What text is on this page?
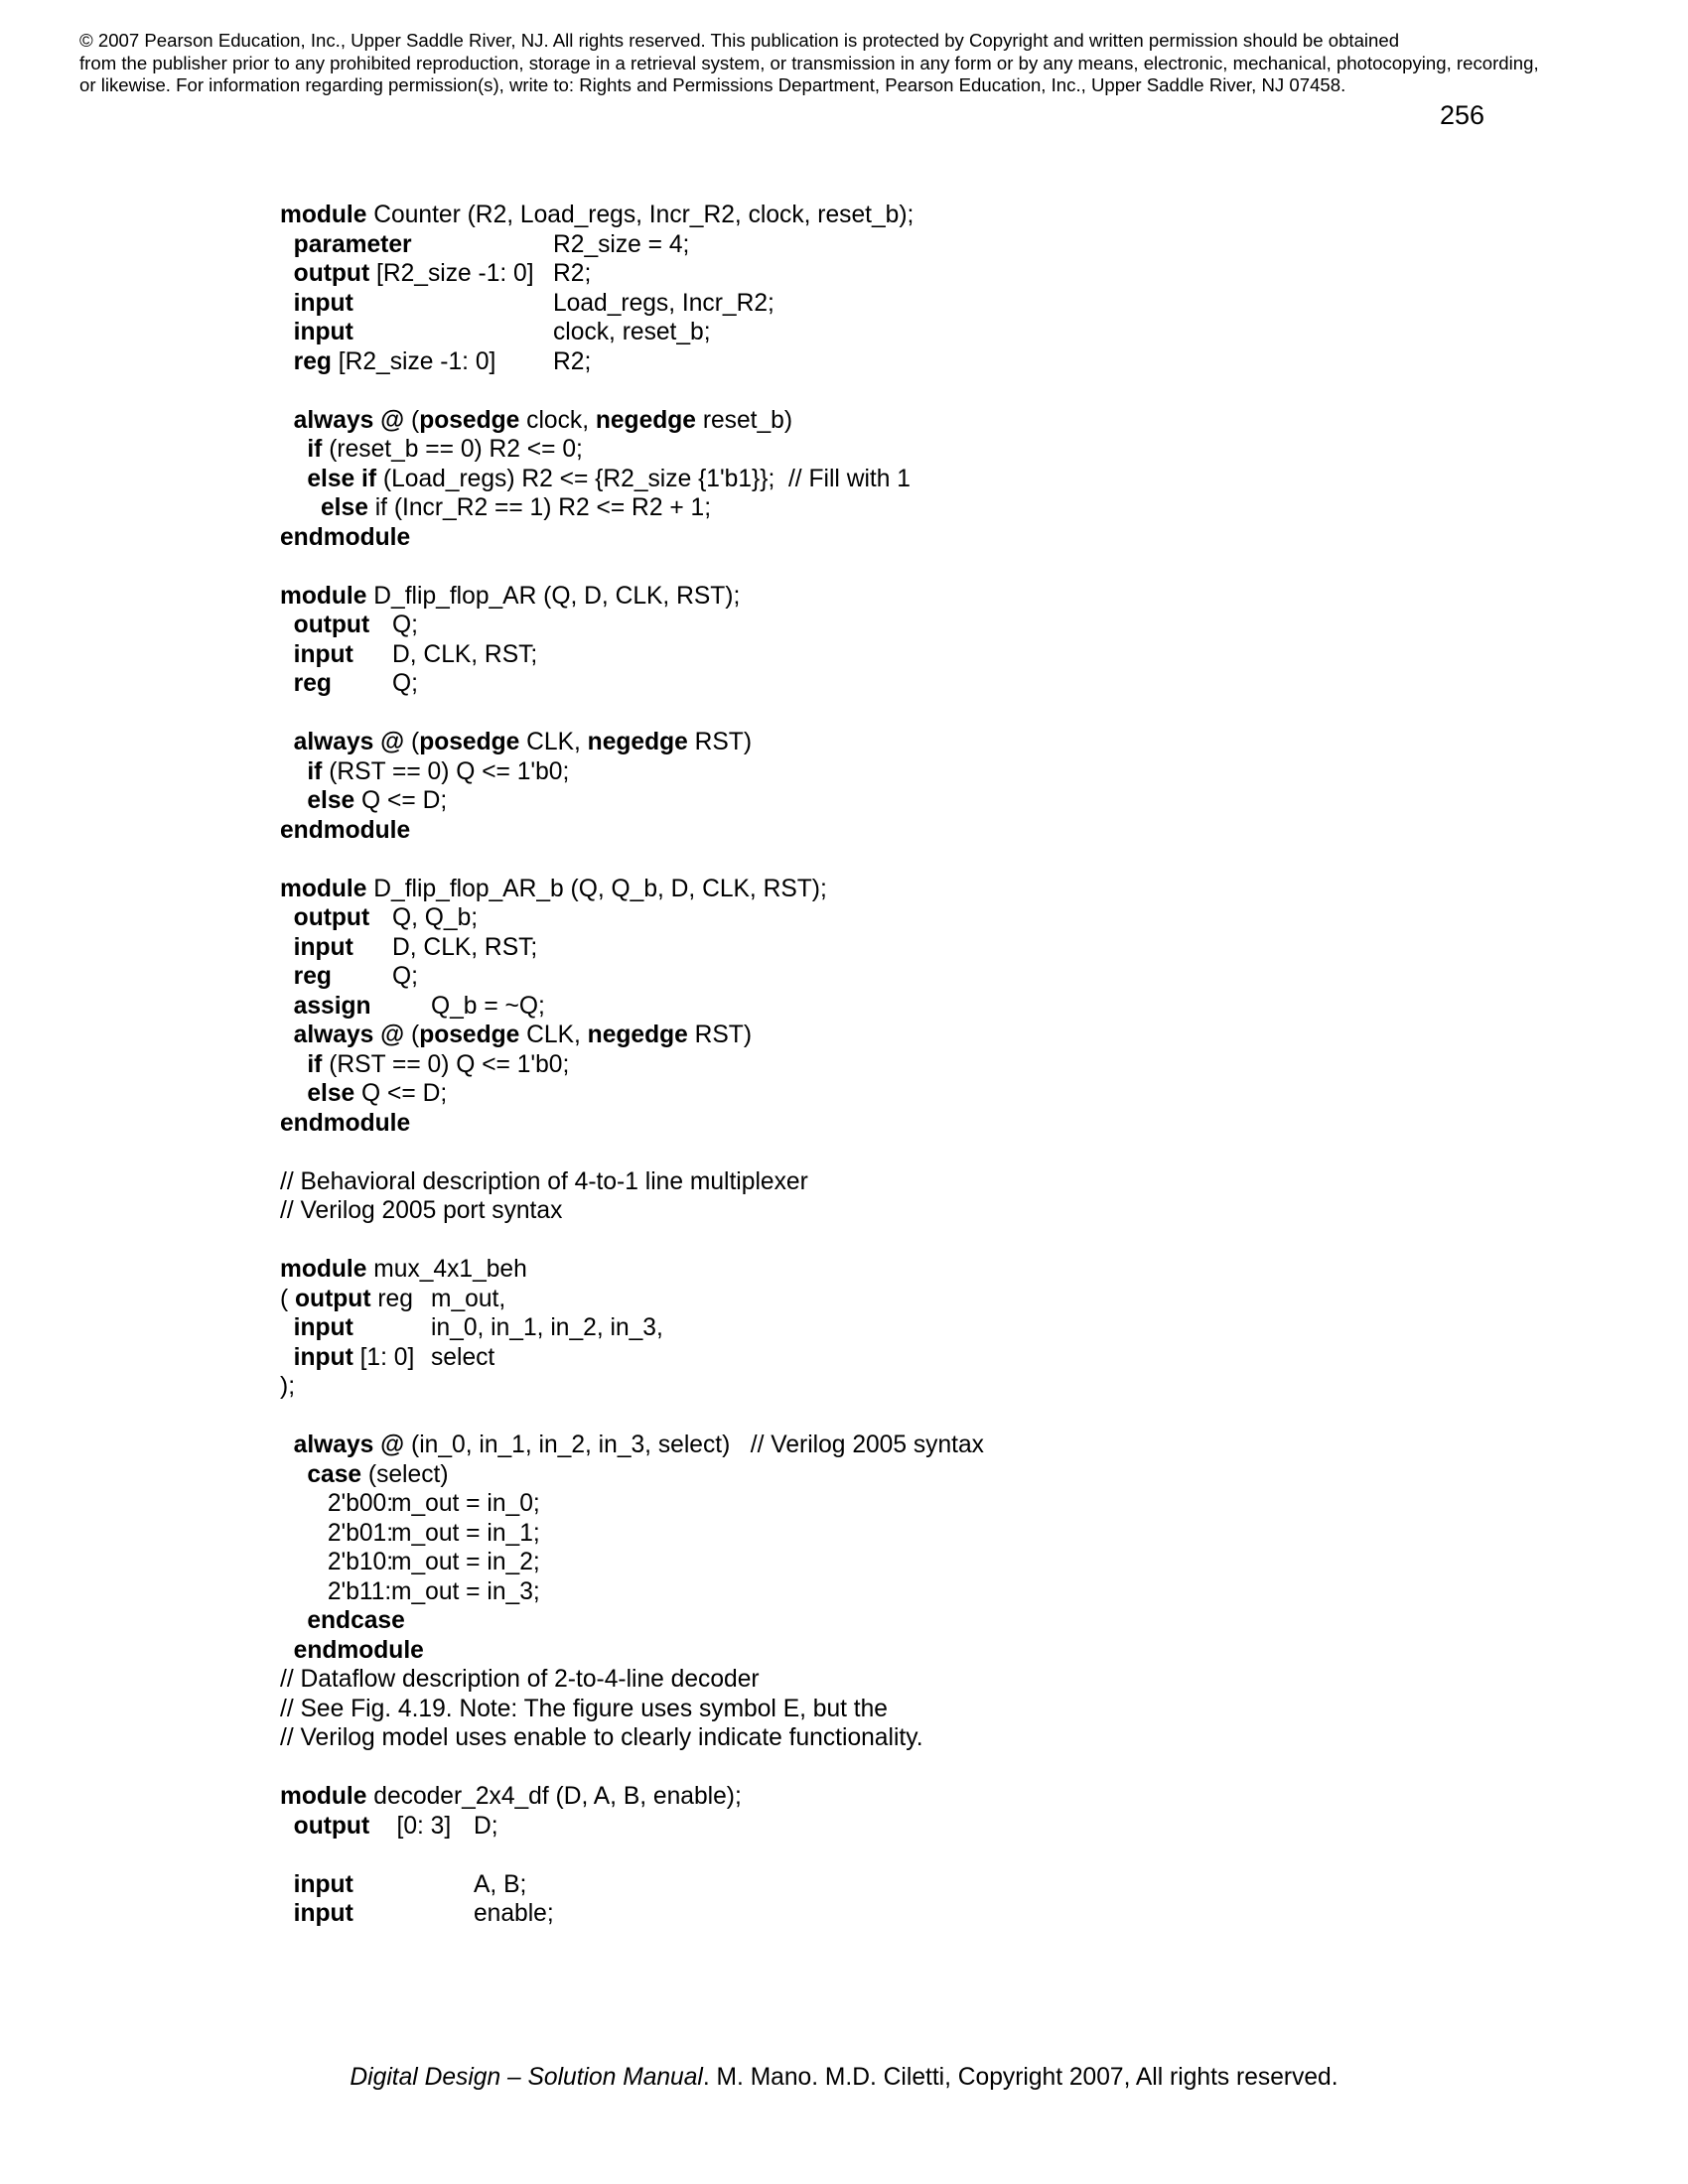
© 2007 Pearson Education, Inc., Upper Saddle River, NJ. All rights reserved. This publication is protected by Copyright and written permission should be obtained
from the publisher prior to any prohibited reproduction, storage in a retrieval system, or transmission in any form or by any means, electronic, mechanical, photocopying, recording,
or likewise. For information regarding permission(s), write to: Rights and Permissions Department, Pearson Education, Inc., Upper Saddle River, NJ 07458.
256
module Counter (R2, Load_regs, Incr_R2, clock, reset_b);
parameter	R2_size = 4;
output [R2_size -1: 0] R2;
input	Load_regs, Incr_R2;
input	clock, reset_b;
reg [R2_size -1: 0] R2;
always @ (posedge clock, negedge reset_b)
if (reset_b == 0) R2 <= 0;
else if (Load_regs) R2 <= {R2_size {1'b1}};  // Fill with 1
else if (Incr_R2 == 1) R2 <= R2 + 1;
endmodule
module D_flip_flop_AR (Q, D, CLK, RST);
output Q;
input D, CLK, RST;
reg Q;
always @ (posedge CLK, negedge RST)
if (RST == 0) Q <= 1'b0;
else Q <= D;
endmodule
module D_flip_flop_AR_b (Q, Q_b, D, CLK, RST);
output Q, Q_b;
input D, CLK, RST;
reg Q;
assign Q_b = ~Q;
always @ (posedge CLK, negedge RST)
if (RST == 0) Q <= 1'b0;
else Q <= D;
endmodule
// Behavioral description of 4-to-1 line multiplexer
// Verilog 2005 port syntax
module mux_4x1_beh
( output reg m_out,
input	in_0, in_1, in_2, in_3,
input [1: 0] select
);
always @ (in_0, in_1, in_2, in_3, select)   // Verilog 2005 syntax
case (select)
2'b00:
m_out = in_0;
2'b01:
m_out = in_1;
2'b10:
m_out = in_2;
2'b11: m_out = in_3;
endcase
endmodule
// Dataflow description of 2-to-4-line decoder
// See Fig. 4.19. Note: The figure uses symbol E, but the
// Verilog model uses enable to clearly indicate functionality.
module decoder_2x4_df (D, A, B, enable);
output    [0: 3] D;
input	A, B;
input	enable;
Digital Design – Solution Manual. M. Mano. M.D. Ciletti, Copyright 2007, All rights reserved.
